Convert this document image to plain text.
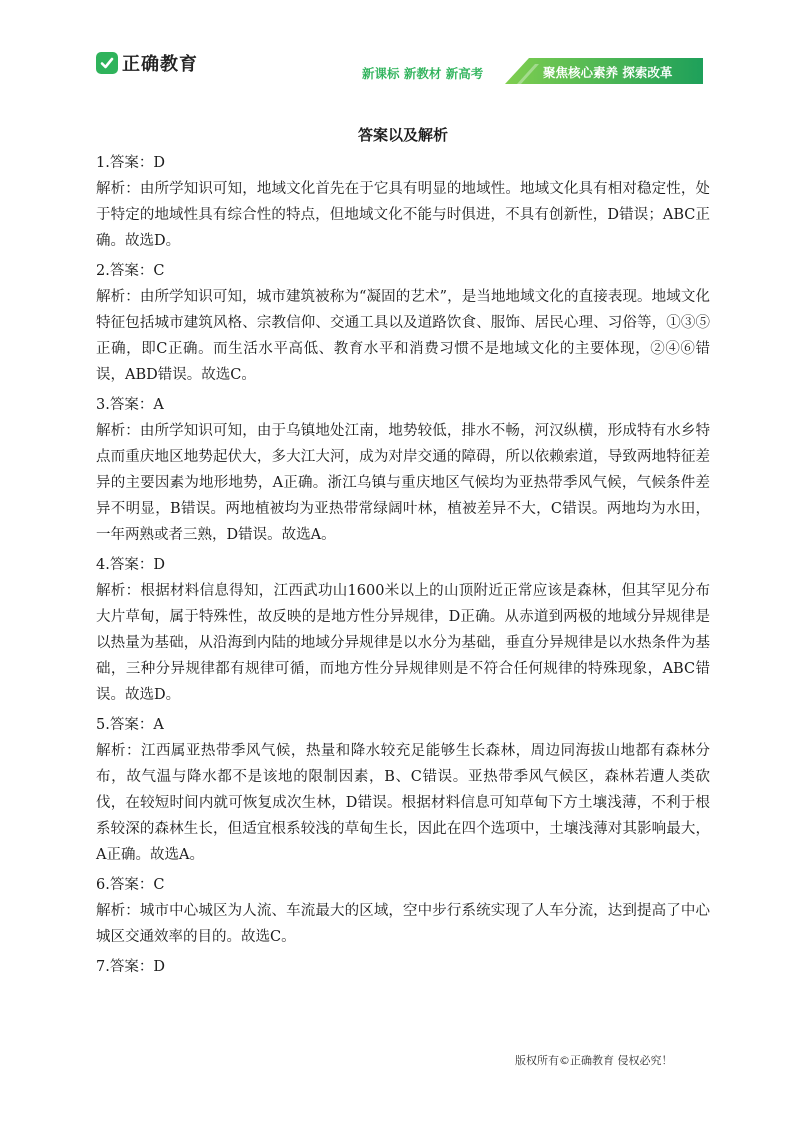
正确教育	新课标 新教材 新高考	聚焦核心素养 探索改革
答案以及解析

1.答案：D

解析：由所学知识可知，地域文化首先在于它具有明显的地域性。地域文化具有相对稳定性，处于特定的地域性具有综合性的特点，但地域文化不能与时俱进，不具有创新性，D错误；ABC正确。故选D。

2.答案：C

解析：由所学知识可知，城市建筑被称为“凝固的艺术”，是当地地域文化的直接表现。地域文化特征包括城市建筑风格、宗教信仰、交通工具以及道路饮食、服饰、居民心理、习俗等，①③⑤正确，即C正确。而生活水平高低、教育水平和消费习惯不是地域文化的主要体现，②④⑥错误，ABD错误。故选C。

3.答案：A

解析：由所学知识可知，由于乌镇地处江南，地势较低，排水不畅，河汉纵横，形成特有水乡特点而重庆地区地势起伏大，多大江大河，成为对岸交通的障碍，所以依赖索道，导致两地特征差异的主要因素为地形地势，A正确。浙江乌镇与重庆地区气候均为亚热带季风气候，气候条件差异不明显，B错误。两地植被均为亚热带常绿阔叶林，植被差异不大，C错误。两地均为水田，一年两熟或者三熟，D错误。故选A。

4.答案：D

解析：根据材料信息得知，江西武功山1600米以上的山顶附近正常应该是森林，但其罕见分布大片草甸，属于特殊性，故反映的是地方性分异规律，D正确。从赤道到两极的地域分异规律是以热量为基础，从沿海到内陆的地域分异规律是以水分为基础，垂直分异规律是以水热条件为基础，三种分异规律都有规律可循，而地方性分异规律则是不符合任何规律的特殊现象，ABC错误。故选D。

5.答案：A

解析：江西属亚热带季风气候，热量和降水较充足能够生长森林，周边同海拔山地都有森林分布，故气温与降水都不是该地的限制因素，B、C错误。亚热带季风气候区，森林若遭人类砍伐，在较短时间内就可恢复成次生林，D错误。根据材料信息可知草甸下方土壤浅薄，不利于根系较深的森林生长，但适宜根系较浅的草甸生长，因此在四个选项中，土壤浅薄对其影响最大，A正确。故选A。

6.答案：C

解析：城市中心城区为人流、车流最大的区域，空中步行系统实现了人车分流，达到提高了中心城区交通效率的目的。故选C。

7.答案：D

版权所有©正确教育 侵权必究！
